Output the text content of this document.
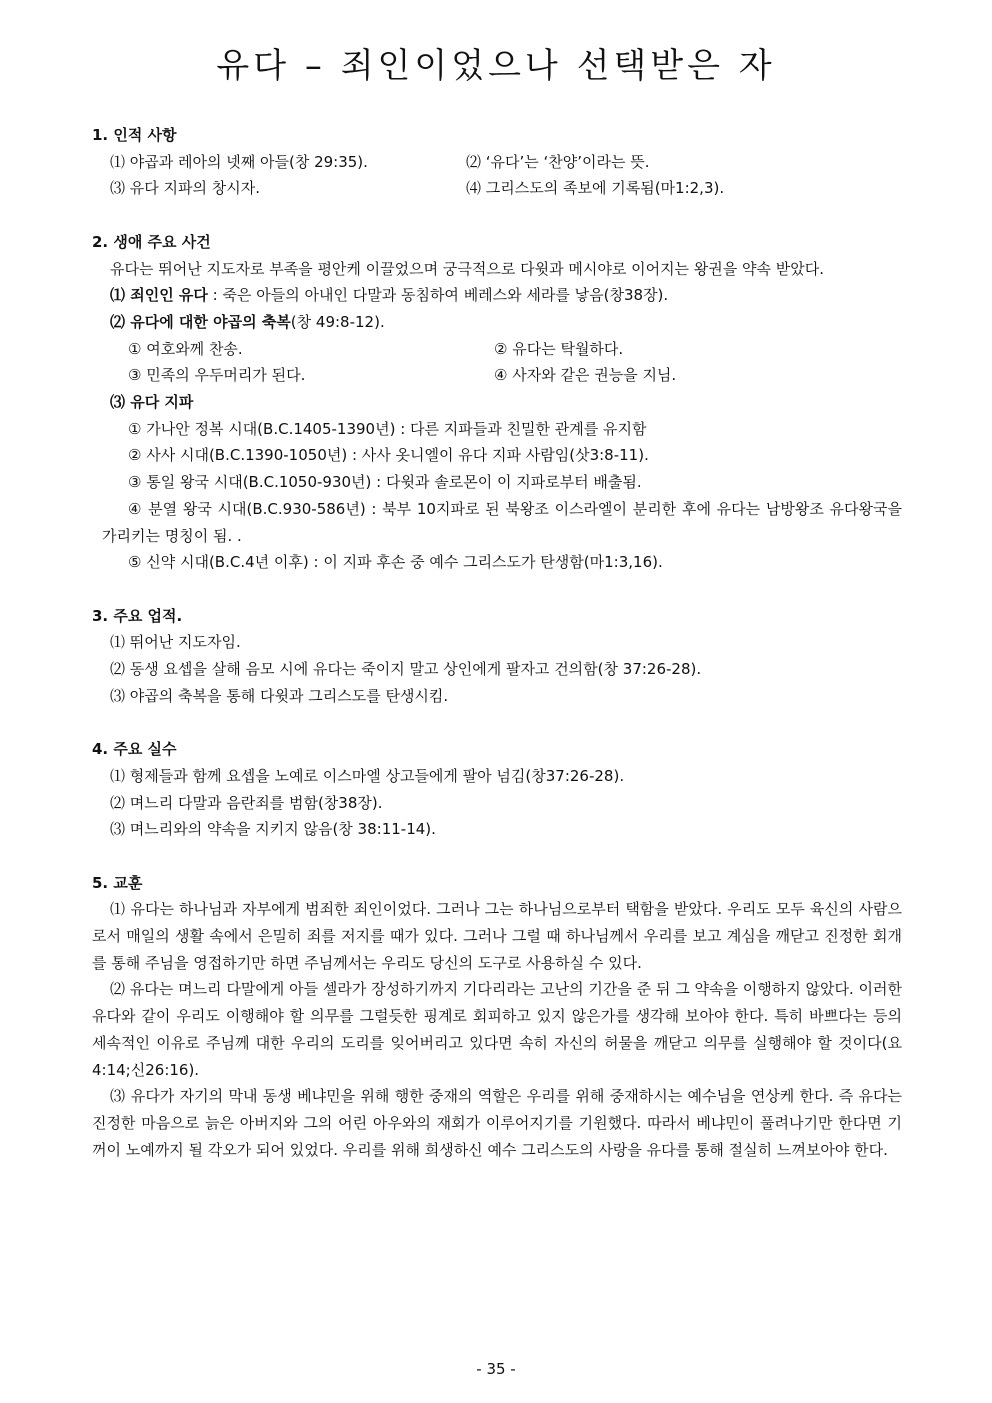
유다 – 죄인이었으나 선택받은 자

1. 인적 사항

⑴ 야곱과 레아의 넷째 아들(창 29:35).	⑵ ‘유다’는 ‘찬양’이라는 뜻.
⑶ 유다 지파의 창시자.	⑷ 그리스도의 족보에 기록됨(마1:2,3).

2. 생애 주요 사건

유다는 뛰어난 지도자로 부족을 평안케 이끌었으며 궁극적으로 다윗과 메시야로 이어지는 왕권을 약속 받았다.

⑴ 죄인인 유다 : 죽은 아들의 아내인 다말과 동침하여 베레스와 세라를 낳음(창38장).

⑵ 유다에 대한 야곱의 축복(창 49:8-12).

① 여호와께 찬송.	② 유다는 탁월하다.
③ 민족의 우두머리가 된다.	④ 사자와 같은 권능을 지님.

⑶ 유다 지파

① 가나안 정복 시대(B.C.1405-1390년) : 다른 지파들과 친밀한 관계를 유지함

② 사사 시대(B.C.1390-1050년) : 사사 옷니엘이 유다 지파 사람임(삿3:8-11).

③ 통일 왕국 시대(B.C.1050-930년) : 다윗과 솔로몬이 이 지파로부터 배출됨.

④ 분열 왕국 시대(B.C.930-586년) : 북부 10지파로 된 북왕조 이스라엘이 분리한 후에 유다는 남방왕조 유다왕국을 가리키는 명칭이 됨. .

⑤ 신약 시대(B.C.4년 이후) : 이 지파 후손 중 예수 그리스도가 탄생함(마1:3,16).

3. 주요 업적.

⑴ 뛰어난 지도자임.

⑵ 동생 요셉을 살해 음모 시에 유다는 죽이지 말고 상인에게 팔자고 건의함(창 37:26-28).

⑶ 야곱의 축복을 통해 다윗과 그리스도를 탄생시킴.

4. 주요 실수

⑴ 형제들과 함께 요셉을 노예로 이스마엘 상고들에게 팔아 넘김(창37:26-28).

⑵ 며느리 다말과 음란죄를 범함(창38장).

⑶ 며느리와의 약속을 지키지 않음(창 38:11-14).

5. 교훈

⑴ 유다는 하나님과 자부에게 범죄한 죄인이었다. 그러나 그는 하나님으로부터 택함을 받았다. 우리도 모두 육신의 사람으로서 매일의 생활 속에서 은밀히 죄를 저지를 때가 있다. 그러나 그럴 때 하나님께서 우리를 보고 계심을 깨닫고 진정한 회개를 통해 주님을 영접하기만 하면 주님께서는 우리도 당신의 도구로 사용하실 수 있다.

⑵ 유다는 며느리 다말에게 아들 셀라가 장성하기까지 기다리라는 고난의 기간을 준 뒤 그 약속을 이행하지 않았다. 이러한 유다와 같이 우리도 이행해야 할 의무를 그럴듯한 핑계로 회피하고 있지 않은가를 생각해 보아야 한다. 특히 바쁘다는 등의 세속적인 이유로 주님께 대한 우리의 도리를 잊어버리고 있다면 속히 자신의 허물을 깨닫고 의무를 실행해야 할 것이다(요4:14;신26:16).

⑶ 유다가 자기의 막내 동생 베냐민을 위해 행한 중재의 역할은 우리를 위해 중재하시는 예수님을 연상케 한다. 즉 유다는 진정한 마음으로 늙은 아버지와 그의 어린 아우와의 재회가 이루어지기를 기원했다. 따라서 베냐민이 풀려나기만 한다면 기꺼이 노예까지 될 각오가 되어 있었다. 우리를 위해 희생하신 예수 그리스도의 사랑을 유다를 통해 절실히 느껴보아야 한다.

- 35 -
